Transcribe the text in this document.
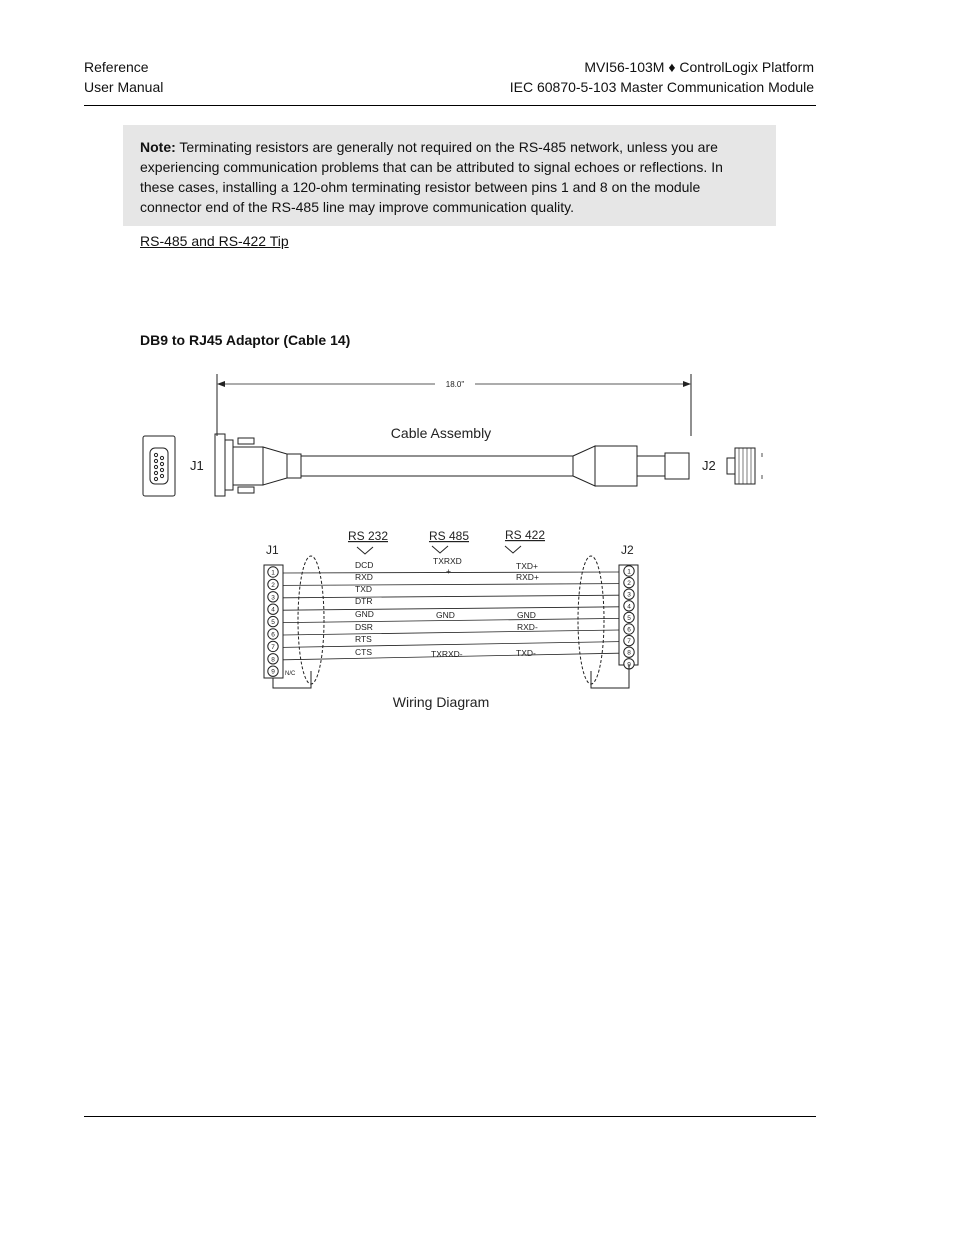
Reference
User Manual
MVI56-103M ♦ ControlLogix Platform
IEC 60870-5-103 Master Communication Module

Note: Terminating resistors are generally not required on the RS-485 network, unless you are experiencing communication problems that can be attributed to signal echoes or reflections. In these cases, installing a 120-ohm terminating resistor between pins 1 and 8 on the module connector end of the RS-485 line may improve communication quality.

RS-485 and RS-422 Tip
DB9 to RJ45 Adaptor (Cable 14)
18.0"
Cable Assembly
J1	J2
RS 232	RS 485	RS 422
J1	J2
1	1
2	2
3	3
4	4
5
5
6
6
7
7
8
8
9
9
DCD
RXD
TXD
DTR
GND
DSR
RTS
CTS
TXRXD
+
GND
TXRXD-
TXD+
RXD+
GND
RXD-
TXD-
N/C
Wiring Diagram
